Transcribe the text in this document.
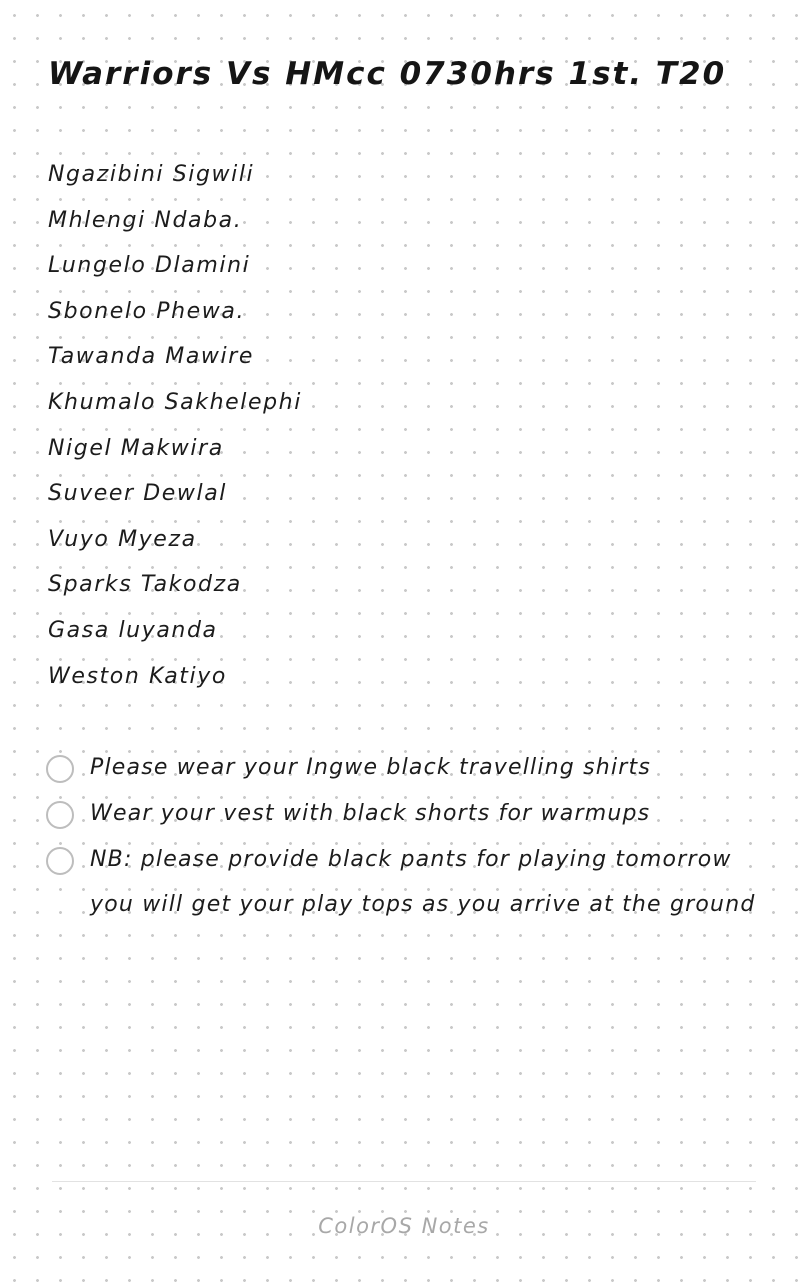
Warriors Vs HMcc 0730hrs 1st. T20
Ngazibini Sigwili
Mhlengi Ndaba.
Lungelo Dlamini
Sbonelo Phewa.
Tawanda Mawire
Khumalo Sakhelephi
Nigel Makwira
Suveer Dewlal
Vuyo Myeza
Sparks Takodza
Gasa luyanda
Weston Katiyo
Please wear your Ingwe black travelling shirts
Wear your vest with black shorts for warmups
NB: please provide black pants for playing tomorrow
you will get your play tops as you arrive at the ground
ColorOS Notes
